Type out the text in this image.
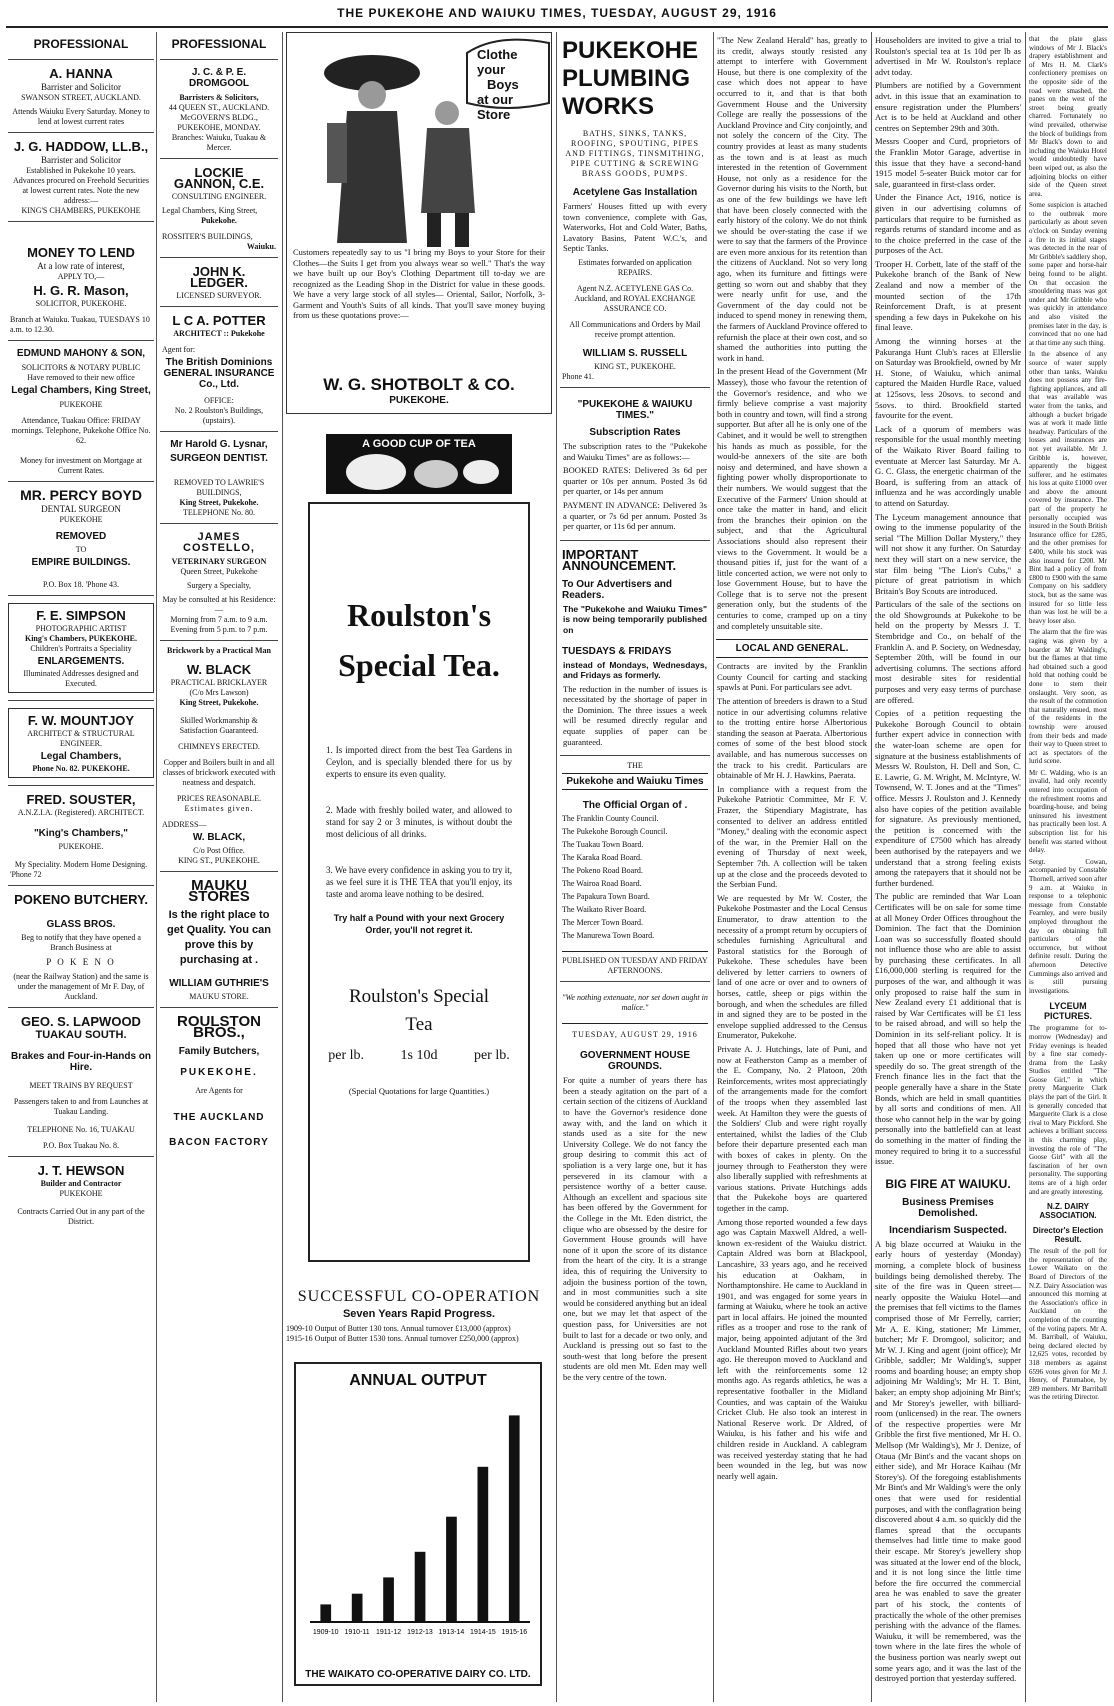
THE PUKEKOHE AND WAIUKU TIMES, TUESDAY, AUGUST 29, 1916
PROFESSIONAL
A. HANNA
Barrister and Solicitor
SWANSON STREET, AUCKLAND.
Attends Waiuku Every Saturday. Money to lend at lowest current rates
J. G. HADDOW, LL.B.,
Barrister and Solicitor
Established in Pukekohe 10 years.
Advances procured on Freehold Securities at lowest current rates. Note the new address:—
KING'S CHAMBERS, PUKEKOHE
MONEY TO LEND
At a low rate of interest,
APPLY TO,—
H. G. R. Mason,
SOLICITOR, PUKEKOHE.
Branch at Waiuku. Tuakau, TUESDAYS 10 a.m. to 12.30.
EDMUND MAHONY & SON,
SOLICITORS & NOTARY PUBLIC
Have removed to their new office
Legal Chambers, King Street,
PUKEKOHE
Attendance, Tuakau Office: FRIDAY mornings. Telephone, Pukekohe Office No. 62.
Money for investment on Mortgage at Current Rates.
MR. PERCY BOYD
DENTAL SURGEON
PUKEKOHE
REMOVED
TO
EMPIRE BUILDINGS.
P.O. Box 18. 'Phone 43.
F. E. SIMPSON
PHOTOGRAPHIC ARTIST
King's Chambers, PUKEKOHE.
Children's Portraits a Speciality
ENLARGEMENTS.
Illuminated Addresses designed and Executed.
F. W. MOUNTJOY
ARCHITECT & STRUCTURAL ENGINEER.
Legal Chambers,
Phone No. 82. PUKEKOHE.
FRED. SOUSTER,
A.N.Z.I.A. (Registered). ARCHITECT.
"King's Chambers,"
PUKEKOHE.
My Speciality. Modern Home Designing.
'Phone 72
POKENO BUTCHERY.
GLASS BROS.
Beg to notify that they have opened a Branch Business at
P O K E N O
(near the Railway Station) and the same is under the management of Mr F. Day, of Auckland.
GEO. S. LAPWOOD
TUAKAU SOUTH.
Brakes and Four-in-Hands on Hire.
MEET TRAINS BY REQUEST
Passengers taken to and from Launches at Tuakau Landing.
TELEPHONE No. 16, TUAKAU
P.O. Box Tuakau No. 8.
J. T. HEWSON
Builder and Contractor
PUKEKOHE
Contracts Carried Out in any part of the District.
PROFESSIONAL
J. C. & P. E. DROMGOOL
Barristers & Solicitors,
44 QUEEN ST., AUCKLAND.
McGOVERN'S BLDG., PUKEKOHE, MONDAY.
Branches: Waiuku, Tuakau & Mercer.
LOCKIE GANNON, C.E.
CONSULTING ENGINEER.
Legal Chambers, King Street,
Pukekohe.
ROSSITER'S BUILDINGS,
Waiuku.
JOHN K. LEDGER.
LICENSED SURVEYOR.
L C A. POTTER
ARCHITECT :: Pukekohe
Agent for:
The British Dominions GENERAL INSURANCE Co., Ltd.
OFFICE:
No. 2 Roulston's Buildings, (upstairs).
Mr Harold G. Lysnar,
SURGEON DENTIST.
REMOVED TO LAWRIE'S BUILDINGS,
King Street, Pukekohe.
TELEPHONE No. 80.
JAMES COSTELLO,
VETERINARY SURGEON
Queen Street, Pukekohe
Surgery a Specialty,
May be consulted at his Residence:—
Morning from 7 a.m. to 9 a.m. Evening from 5 p.m. to 7 p.m.
Brickwork by a Practical Man
W. BLACK
PRACTICAL BRICKLAYER
(C/o Mrs Lawson)
King Street, Pukekohe.
Skilled Workmanship & Satisfaction Guaranteed.
CHIMNEYS ERECTED.
Copper and Boilers built in and all classes of brickwork executed with neatness and despatch.
PRICES REASONABLE.
Estimates given.
ADDRESS—
W. BLACK,
C/o Post Office.
KING ST., PUKEKOHE.
MAUKU STORES
Is the right place to get Quality. You can prove this by purchasing at .
WILLIAM GUTHRIE'S
MAUKU STORE.
ROULSTON BROS.,
Family Butchers,
PUKEKOHE.
Are Agents for
THE AUCKLAND
BACON FACTORY
Clothe your
Boys
at our Store
Customers repeatedly say to us "I bring my Boys to your Store for their Clothes—the Suits I get from you always wear so well." That's the way we have built up our Boy's Clothing Department till to-day we are recognized as the Leading Shop in the District for value in these goods. We have a very large stock of all styles— Oriental, Sailor, Norfolk, 3-Garment and Youth's Suits of all kinds. That you'll save money buying from us these quotations prove:—
W. G. SHOTBOLT & CO.
PUKEKOHE.
A GOOD CUP OF TEA
Roulston's
Special Tea.
1. Is imported direct from the best Tea Gardens in Ceylon, and is specially blended there for us by experts to ensure its even quality.
2. Made with freshly boiled water, and allowed to stand for say 2 or 3 minutes, is without doubt the most delicious of all drinks.
3. We have every confidence in asking you to try it, as we feel sure it is THE TEA that you'll enjoy, its taste and aroma leave nothing to be desired.
Try half a Pound with your next Grocery Order, you'll not regret it.
Roulston's Special
Tea
per lb.	1s 10d	per lb.
(Special Quotations for large Quantities.)
SUCCESSFUL CO-OPERATION
Seven Years Rapid Progress.
1909-10 Output of Butter 130 tons. Annual turnover £13,000 (approx)
1915-16 Output of Butter 1530 tons. Annual turnover £250,000 (approx)
ANNUAL OUTPUT
1909-10 1910-11 1911-12 1912-13 1913-14 1914-15 1915-16
THE WAIKATO CO-OPERATIVE DAIRY CO. LTD.
PUKEKOHE PLUMBING WORKS
BATHS, SINKS, TANKS, ROOFING, SPOUTING, PIPES AND FITTINGS, TINSMITHING, PIPE CUTTING & SCREWING BRASS GOODS, PUMPS.
Acetylene Gas Installation
Farmers' Houses fitted up with every town convenience, complete with Gas, Waterworks, Hot and Cold Water, Baths, Lavatory Basins, Patent W.C.'s, and Septic Tanks.
Estimates forwarded on application REPAIRS.
Agent N.Z. ACETYLENE GAS Co. Auckland, and ROYAL EXCHANGE ASSURANCE CO.
All Communications and Orders by Mail receive prompt attention.
WILLIAM S. RUSSELL
KING ST., PUKEKOHE.
Phone 41.
"PUKEKOHE & WAIUKU TIMES."
Subscription Rates
The subscription rates to the "Pukekohe and Waiuku Times" are as follows:—
BOOKED RATES: Delivered 3s 6d per quarter or 10s per annum. Posted 3s 6d per quarter, or 14s per annum
PAYMENT IN ADVANCE: Delivered 3s a quarter, or 7s 6d per annum. Posted 3s per quarter, or 11s 6d per annum.
IMPORTANT ANNOUNCEMENT.
To Our Advertisers and Readers.
The "Pukekohe and Waiuku Times" is now being temporarily published on
TUESDAYS & FRIDAYS
instead of Mondays, Wednesdays, and Fridays as formerly.
The reduction in the number of issues is necessitated by the shortage of paper in the Dominion. The three issues a week will be resumed directly regular and equate supplies of paper can be guaranteed.
THE
Pukekohe and Waiuku Times
The Official Organ of .
The Franklin County Council.
The Pukekohe Borough Council.
The Tuakau Town Board.
The Karaka Road Board.
The Pokeno Road Board.
The Wairoa Road Board.
The Papakura Town Board.
The Waikato River Board.
The Mercer Town Board.
The Manurewa Town Board.
PUBLISHED ON TUESDAY AND FRIDAY AFTERNOONS.
"We nothing extenuate, nor set down aught in malice."
TUESDAY, AUGUST 29, 1916
GOVERNMENT HOUSE GROUNDS.
For quite a number of years there has been a steady agitation on the part of a certain section of the citizens of Auckland to have the Governor's residence done away with, and the land on which it stands used as a site for the new University College. We do not fancy the group desiring to commit this act of spoliation is a very large one, but it has persevered in its clamour with a persistence worthy of a better cause. Although an excellent and spacious site has been offered by the Government for the College in the Mt. Eden district, the clique who are obsessed by the desire for Government House grounds will have none of it upon the score of its distance from the heart of the city. It is a strange idea, this of requiring the University to adjoin the business portion of the town, and in most communities such a site would be considered anything but an ideal one, but we may let that aspect of the question pass, for Universities are not built to last for a decade or two only, and Auckland is pressing out so fast to the south-west that long before the present students are old men Mt. Eden may well be the very centre of the town.
"The New Zealand Herald" has, greatly to its credit, always stoutly resisted any attempt to interfere with Government House, but there is one complexity of the case which does not appear to have occurred to it, and that is that both Government House and the University College are really the possessions of the Auckland Province and City conjointly, and not solely the concern of the City. The country provides at least as many students as the town and is at least as much interested in the retention of Government House, not only as a residence for the Governor during his visits to the North, but as one of the few buildings we have left that have been closely connected with the early history of the colony. We do not think we should be over-stating the case if we were to say that the farmers of the Province are even more anxious for its retention than the citizens of Auckland. Not so very long ago, when its furniture and fittings were getting so worn out and shabby that they were nearly unfit for use, and the Government of the day could not be induced to spend money in renewing them, the farmers of Auckland Province offered to refurnish the place at their own cost, and so shamed the authorities into putting the work in hand.
In the present Head of the Government (Mr Massey), those who favour the retention of the Governor's residence, and who we firmly believe comprise a vast majority both in country and town, will find a strong supporter. But after all he is only one of the Cabinet, and it would be well to strengthen his hands as much as possible, for the would-be annexers of the site are both noisy and determined, and have shown a fighting power wholly disproportionate to their numbers. We would suggest that the Executive of the Farmers' Union should at once take the matter in hand, and elicit from the branches their opinion on the subject, and that the Agricultural Associations should also represent their views to the Government. It would be a thousand pities if, just for the want of a little concerted action, we were not only to lose Government House, but to have the College that is to serve not the present generation only, but the students of the centuries to come, cramped up on a tiny and completely unsuitable site.
LOCAL AND GENERAL.
Contracts are invited by the Franklin County Council for carting and stacking spawls at Puni. For particulars see advt.
The attention of breeders is drawn to a Stud notice in our advertising columns relative to the trotting entire horse Albertorious standing the season at Paerata. Albertorious comes of some of the best blood stock available, and has numerous successes on the track to his credit. Particulars are obtainable of Mr H. J. Hawkins, Paerata.
In compliance with a request from the Pukekohe Patriotic Committee, Mr F. V. Frazer, the Stipendiary Magistrate, has consented to deliver an address entitled "Money," dealing with the economic aspect of the war, in the Premier Hall on the evening of Thursday of next week, September 7th. A collection will be taken up at the close and the proceeds devoted to the Serbian Fund.
We are requested by Mr W. Coster, the Pukekohe Postmaster and the Local Census Enumerator, to draw attention to the necessity of a prompt return by occupiers of schedules furnishing Agricultural and Pastoral statistics for the Borough of Pukekohe. These schedules have been delivered by letter carriers to owners of land of one acre or over and to owners of horses, cattle, sheep or pigs within the borough, and when the schedules are filled in and signed they are to be posted in the envelope supplied addressed to the Census Enumerator, Pukekohe.
Private A. J. Hutchings, late of Puni, and now at Featherston Camp as a member of the E. Company, No. 2 Platoon, 20th Reinforcements, writes most appreciatingly of the arrangements made for the comfort of the troops when they assembled last week. At Hamilton they were the guests of the Soldiers' Club and were right royally entertained, whilst the ladies of the Club before their departure presented each man with boxes of cakes in plenty. On the journey through to Featherston they were also liberally supplied with refreshments at various stations. Private Hutchings adds that the Pukekohe boys are quartered together in the camp.
Among those reported wounded a few days ago was Captain Maxwell Aldred, a well-known ex-resident of the Waiuku district. Captain Aldred was born at Blackpool, Lancashire, 33 years ago, and he received his education at Oakham, in Northamptonshire. He came to Auckland in 1901, and was engaged for some years in farming at Waiuku, where he took an active part in local affairs. He joined the mounted rifles as a trooper and rose to the rank of major, being appointed adjutant of the 3rd Auckland Mounted Rifles about two years ago. He thereupon moved to Auckland and left with the reinforcements some 12 months ago. As regards athletics, he was a representative footballer in the Midland Counties, and was captain of the Waiuku Cricket Club. He also took an interest in National Reserve work. Dr Aldred, of Waiuku, is his father and his wife and children reside in Auckland. A cablegram was received yesterday stating that he had been wounded in the leg, but was now nearly well again.
Householders are invited to give a trial to Roulston's special tea at 1s 10d per lb as advertised in Mr W. Roulston's replace advt today.
Plumbers are notified by a Government advt. in this issue that an examination to ensure registration under the Plumbers' Act is to be held at Auckland and other centres on September 29th and 30th.
Messrs Cooper and Curd, proprietors of the Franklin Motor Garage, advertise in this issue that they have a second-hand 1915 model 5-seater Buick motor car for sale, guaranteed in first-class order.
Under the Finance Act, 1916, notice is given in our advertising columns of particulars that require to be furnished as regards returns of standard income and as to the choice preferred in the case of the purposes of the Act.
Trooper H. Corbett, late of the staff of the Pukekohe branch of the Bank of New Zealand and now a member of the mounted section of the 17th Reinforcement Draft, is at present spending a few days in Pukekohe on his final leave.
Among the winning horses at the Pakuranga Hunt Club's races at Ellerslie on Saturday was Brookfield, owned by Mr H. Stone, of Waiuku, which animal captured the Maiden Hurdle Race, valued at 125sovs, less 20sovs. to second and 5sovs. to third. Brookfield started favourite for the event.
Lack of a quorum of members was responsible for the usual monthly meeting of the Waikato River Board failing to eventuate at Mercer last Saturday. Mr A. G. C. Glass, the energetic chairman of the Board, is suffering from an attack of influenza and he was accordingly unable to attend on Saturday.
The Lyceum management announce that owing to the immense popularity of the serial "The Million Dollar Mystery," they will not show it any further. On Saturday next they will start on a new service, the star film being "The Lion's Cubs," a picture of great patriotism in which Britain's Boy Scouts are introduced.
Particulars of the sale of the sections on the old Showgrounds at Pukekohe to be held on the property by Messrs J. T. Stembridge and Co., on behalf of the Franklin A. and P. Society, on Wednesday, September 20th, will be found in our advertising columns. The sections afford most desirable sites for residential purposes and very easy terms of purchase are offered.
Copies of a petition requesting the Pukekohe Borough Council to obtain further expert advice in connection with the water-loan scheme are open for signature at the business establishments of Messrs W. Roulston, H. Dell and Son, C. E. Lawrie, G. M. Wright, M. McIntyre, W. Townsend, W. T. Jones and at the "Times" office. Messrs J. Roulston and J. Kennedy also have copies of the petition available for signature. As previously mentioned, the petition is concerned with the expenditure of £7500 which has already been authorised by the ratepayers and we understand that a strong feeling exists among the ratepayers that it should not be further burdened.
The public are reminded that War Loan Certificates will be on sale for some time at all Money Order Offices throughout the Dominion. The fact that the Dominion Loan was so successfully floated should not influence those who are able to assist by purchasing these certificates. In all £16,000,000 sterling is required for the purposes of the war, and although it was only proposed to raise half the sum in New Zealand every £1 additional that is raised by War Certificates will be £1 less to be raised abroad, and will so help the Dominion in its self-reliant policy. It is hoped that all those who have not yet taken up one or more certificates will speedily do so. The great strength of the French finance lies in the fact that the people generally have a share in the State Bonds, which are held in small quantities by all sorts and conditions of men. All those who cannot help in the war by going personally into the battlefield can at least do something in the matter of finding the money required to bring it to a successful issue.
BIG FIRE AT WAIUKU.
Business Premises Demolished.
Incendiarism Suspected.
A big blaze occurred at Waiuku in the early hours of yesterday (Monday) morning, a complete block of business buildings being demolished thereby. The site of the fire was in Queen street—nearly opposite the Waiuku Hotel—and the premises that fell victims to the flames comprised those of Mr Ferrelly, carrier; Mr A. E. King, stationer; Mr Limmer, butcher; Mr F. Dromgool, solicitor; and Mr W. J. King and agent (joint office); Mr Gribble, saddler; Mr Walding's, supper rooms and boarding house; an empty shop adjoining Mr Walding's; Mr H. T. Bint, baker; an empty shop adjoining Mr Bint's; and Mr Storey's jeweller, with billiard-room (unlicensed) in the rear. The owners of the respective properties were Mr Gribble the first five mentioned, Mr H. O. Mellsop (Mr Walding's), Mr J. Denize, of Otaua (Mr Bint's and the vacant shops on either side), and Mr Horace Kaihau (Mr Storey's). Of the foregoing establishments Mr Bint's and Mr Walding's were the only ones that were used for residential purposes, and with the conflagration being discovered about 4 a.m. so quickly did the flames spread that the occupants themselves had little time to make good their escape. Mr Storey's jewellery shop was situated at the lower end of the block, and it is not long since the little time before the fire occurred the commercial area he was enabled to save the greater part of his stock, the contents of practically the whole of the other premises perishing with the advance of the flames. Waiuku, it will be remembered, was the town where in the late fires the whole of the business portion was nearly swept out some years ago, and it was the last of the destroyed portion that yesterday suffered.
that the plate glass windows of Mr J. Black's drapery establishment and of Mrs H. M. Clark's confectionery premises on the opposite side of the road were smashed, the panes on the west of the street being greatly charred. Fortunately no wind prevailed, otherwise the block of buildings from Mr Black's down to and including the Waiuku Hotel would undoubtedly have been wiped out, as also the adjoining blocks on either side of the Queen street area.
Some suspicion is attached to the outbreak more particularly as about seven o'clock on Sunday evening a fire in its initial stages was detected in the rear of Mr Gribble's saddlery shop, some paper and horse-hair being found to be alight. On that occasion the smouldering mass was got under and Mr Gribble who was quickly in attendance and also visited the premises later in the day, is convinced that no one had at that time any such thing.
In the absence of any source of water supply other than tanks, Waiuku does not possess any fire-fighting appliances, and all that was available was water from the tanks, and although a bucket brigade was at work it made little headway. Particulars of the losses and insurances are not yet available. Mr J. Gribble is, however, apparently the biggest sufferer, and he estimates his loss at quite £1000 over and above the amount covered by insurance. The part of the property he personally occupied was insured in the South British Insurance office for £285, and the other premises for £400, while his stock was also insured for £200. Mr Bint had a policy of from £800 to £900 with the same Company on his saddlery stock, but as the same was insured for so little less than was lost he will be a heavy loser also.
The alarm that the fire was raging was given by a boarder at Mr Walding's, but the flames at that time had obtained such a good hold that nothing could be done to stem their onslaught. Very soon, as the result of the commotion that naturally ensued, most of the residents in the township were aroused from their beds and made their way to Queen street to act as spectators of the lurid scene.
Mr C. Walding, who is an invalid, had only recently entered into occupation of the refreshment rooms and boarding-house, and being uninsured his investment has practically been lost. A subscription list for his benefit was started without delay.
Sergt. Cowan, accompanied by Constable Thornell, arrived soon after 9 a.m. at Waiuku in response to a telephonic message from Constable Fearnley, and were busily employed throughout the day on obtaining full particulars of the occurrence, but without definite result. During the afternoon Detective Cummings also arrived and is still pursuing investigations.
LYCEUM PICTURES.
The programme for to-morrow (Wednesday) and Friday evenings is headed by a fine star comedy-drama from the Lasky Studios entitled "The Goose Girl," in which pretty Marguerite Clark plays the part of the Girl. It is generally conceded that Marguerite Clark is a close rival to Mary Pickford. She achieves a brilliant success in this charming play, investing the role of "The Goose Girl" with all the fascination of her own personality. The supporting items are of a high order and are greatly interesting.
N.Z. DAIRY ASSOCIATION.
Director's Election Result.
The result of the poll for the representation of the Lower Waikato on the Board of Directors of the N.Z. Dairy Association was announced this morning at the Association's office in Auckland on the completion of the counting of the voting papers. Mr A. M. Barriball, of Waiuku, being declared elected by 12,625 votes, recorded by 318 members as against 6596 votes given for Mr J. Henry, of Patumahoe, by 289 members. Mr Barriball was the retiring Director.
